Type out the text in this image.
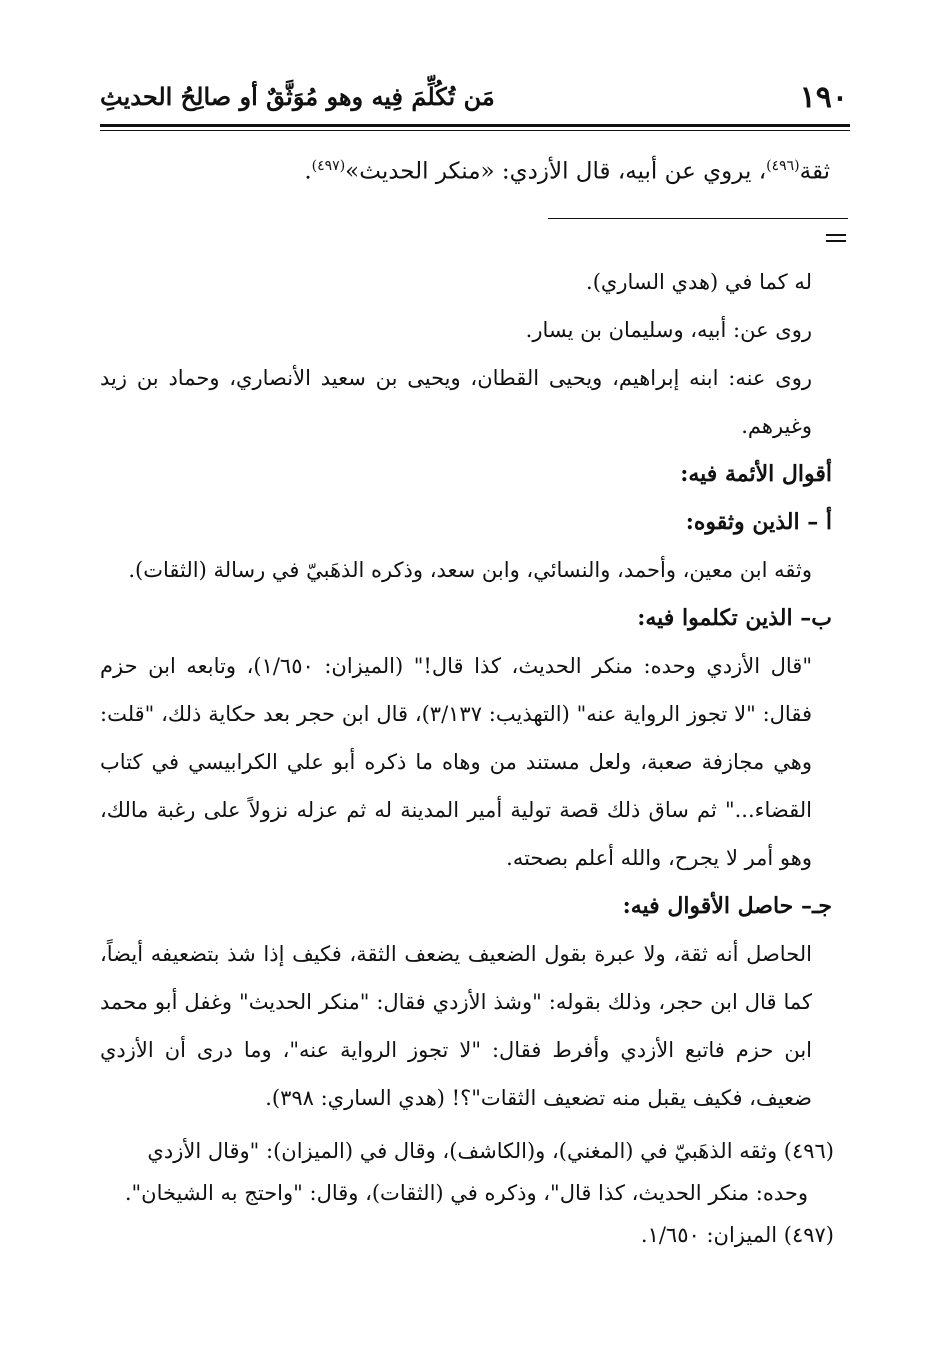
١٩٠
مَن تُكُلِّمَ فِيه وهو مُوَثَّقٌ أو صالِحُ الحديثِ
ثقة$^{(٤٩٦)}$، يروي عن أبيه، قال الأزدي: «منكر الحديث»$^{(٤٩٧)}$.

له كما في (هدي الساري).

روى عن: أبيه، وسليمان بن يسار.

روى عنه: ابنه إبراهيم، ويحيى القطان، ويحيى بن سعيد الأنصاري، وحماد بن زيد وغيرهم.

أقوال الأئمة فيه:

أ – الذين وثقوه:

وثقه ابن معين، وأحمد، والنسائي، وابن سعد، وذكره الذهَبيّ في رسالة (الثقات).

ب– الذين تكلموا فيه:

"قال الأزدي وحده: منكر الحديث، كذا قال!" (الميزان: ١/٦٥٠)، وتابعه ابن حزم فقال: "لا تجوز الرواية عنه" (التهذيب: ٣/١٣٧)، قال ابن حجر بعد حكاية ذلك، "قلت: وهي مجازفة صعبة، ولعل مستند من وهاه ما ذكره أبو علي الكرابيسي في كتاب القضاء..." ثم ساق ذلك قصة تولية أمير المدينة له ثم عزله نزولاً على رغبة مالك، وهو أمر لا يجرح، والله أعلم بصحته.

جـ– حاصل الأقوال فيه:

الحاصل أنه ثقة، ولا عبرة بقول الضعيف يضعف الثقة، فكيف إذا شذ بتضعيفه أيضاً، كما قال ابن حجر، وذلك بقوله: "وشذ الأزدي فقال: "منكر الحديث" وغفل أبو محمد ابن حزم فاتبع الأزدي وأفرط فقال: "لا تجوز الرواية عنه"، وما درى أن الأزدي ضعيف، فكيف يقبل منه تضعيف الثقات"؟! (هدي الساري: ٣٩٨).

(٤٩٦) وثقه الذهَبيّ في (المغني)، و(الكاشف)، وقال في (الميزان): "وقال الأزدي

وحده: منكر الحديث، كذا قال"، وذكره في (الثقات)، وقال: "واحتج به الشيخان".

(٤٩٧) الميزان: ١/٦٥٠.
